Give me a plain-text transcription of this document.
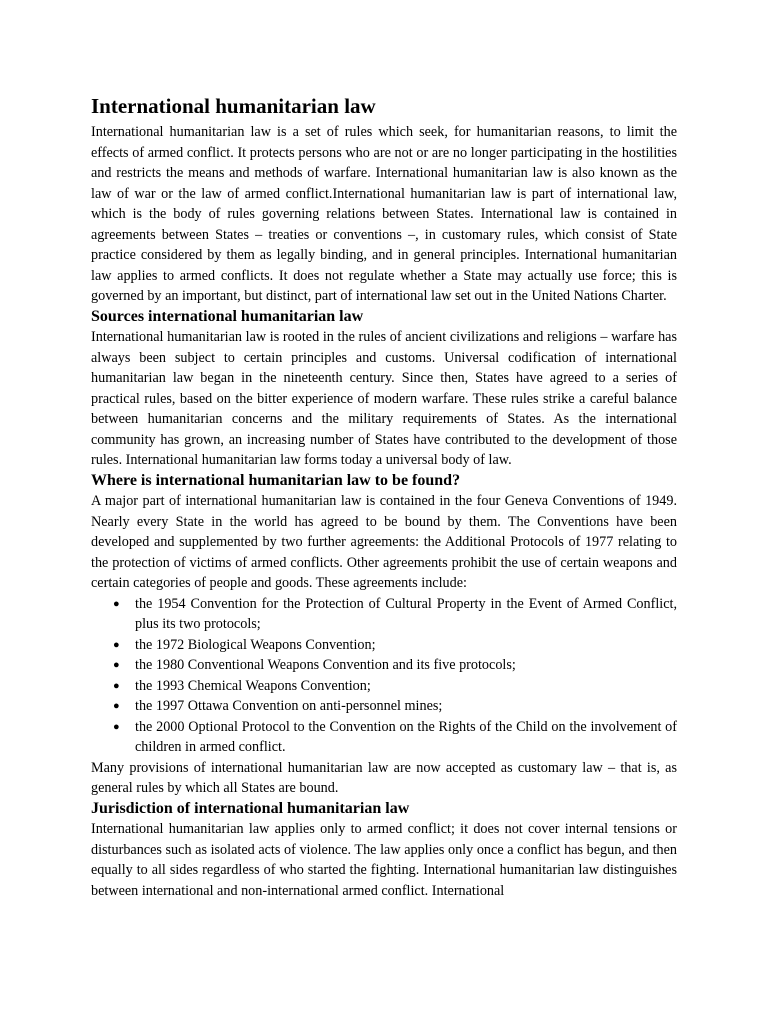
International humanitarian law

International humanitarian law is a set of rules which seek, for humanitarian reasons, to limit the effects of armed conflict. It protects persons who are not or are no longer participating in the hostilities and restricts the means and methods of warfare. International humanitarian law is also known as the law of war or the law of armed conflict.International humanitarian law is part of international law, which is the body of rules governing relations between States. International law is contained in agreements between States – treaties or conventions –, in customary rules, which consist of State practice considered by them as legally binding, and in general principles. International humanitarian law applies to armed conflicts. It does not regulate whether a State may actually use force; this is governed by an important, but distinct, part of international law set out in the United Nations Charter.

Sources international humanitarian law

International humanitarian law is rooted in the rules of ancient civilizations and religions – warfare has always been subject to certain principles and customs. Universal codification of international humanitarian law began in the nineteenth century. Since then, States have agreed to a series of practical rules, based on the bitter experience of modern warfare. These rules strike a careful balance between humanitarian concerns and the military requirements of States. As the international community has grown, an increasing number of States have contributed to the development of those rules. International humanitarian law forms today a universal body of law.

Where is international humanitarian law to be found?

A major part of international humanitarian law is contained in the four Geneva Conventions of 1949. Nearly every State in the world has agreed to be bound by them. The Conventions have been developed and supplemented by two further agreements: the Additional Protocols of 1977 relating to the protection of victims of armed conflicts. Other agreements prohibit the use of certain weapons and certain categories of people and goods. These agreements include:

● the 1954 Convention for the Protection of Cultural Property in the Event of Armed Conflict, plus its two protocols;
● the 1972 Biological Weapons Convention;
● the 1980 Conventional Weapons Convention and its five protocols;
● the 1993 Chemical Weapons Convention;
● the 1997 Ottawa Convention on anti-personnel mines;
● the 2000 Optional Protocol to the Convention on the Rights of the Child on the involvement of children in armed conflict.

Many provisions of international humanitarian law are now accepted as customary law – that is, as general rules by which all States are bound.

Jurisdiction of international humanitarian law

International humanitarian law applies only to armed conflict; it does not cover internal tensions or disturbances such as isolated acts of violence. The law applies only once a conflict has begun, and then equally to all sides regardless of who started the fighting. International humanitarian law distinguishes between international and non-international armed conflict. International
